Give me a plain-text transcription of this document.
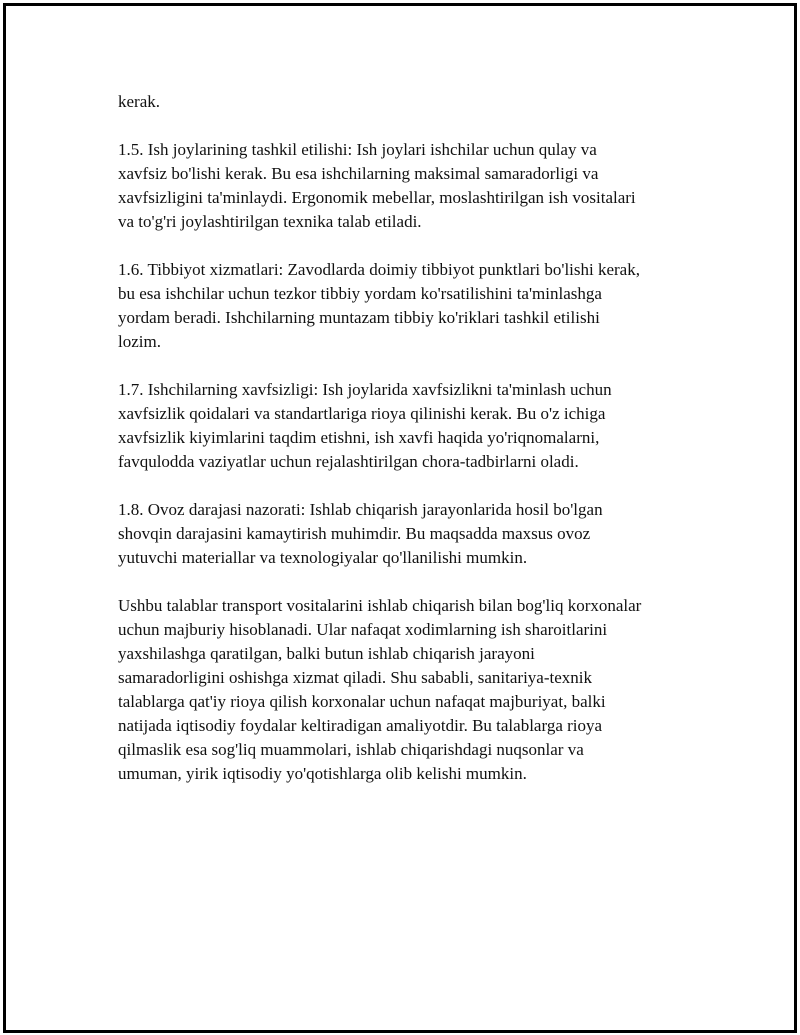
kerak.

1.5. Ish joylarining tashkil etilishi: Ish joylari ishchilar uchun qulay va
xavfsiz bo'lishi kerak. Bu esa ishchilarning maksimal samaradorligi va
xavfsizligini ta'minlaydi. Ergonomik mebellar, moslashtirilgan ish vositalari
va to'g'ri joylashtirilgan texnika talab etiladi.

1.6. Tibbiyot xizmatlari: Zavodlarda doimiy tibbiyot punktlari bo'lishi kerak,
bu esa ishchilar uchun tezkor tibbiy yordam ko'rsatilishini ta'minlashga
yordam beradi. Ishchilarning muntazam tibbiy ko'riklari tashkil etilishi
lozim.

1.7. Ishchilarning xavfsizligi: Ish joylarida xavfsizlikni ta'minlash uchun
xavfsizlik qoidalari va standartlariga rioya qilinishi kerak. Bu o'z ichiga
xavfsizlik kiyimlarini taqdim etishni, ish xavfi haqida yo'riqnomalarni,
favqulodda vaziyatlar uchun rejalashtirilgan chora-tadbirlarni oladi.

1.8. Ovoz darajasi nazorati: Ishlab chiqarish jarayonlarida hosil bo'lgan
shovqin darajasini kamaytirish muhimdir. Bu maqsadda maxsus ovoz
yutuvchi materiallar va texnologiyalar qo'llanilishi mumkin.

Ushbu talablar transport vositalarini ishlab chiqarish bilan bog'liq korxonalar
uchun majburiy hisoblanadi. Ular nafaqat xodimlarning ish sharoitlarini
yaxshilashga qaratilgan, balki butun ishlab chiqarish jarayoni
samaradorligini oshishga xizmat qiladi. Shu sababli, sanitariya-texnik
talablarga qat'iy rioya qilish korxonalar uchun nafaqat majburiyat, balki
natijada iqtisodiy foydalar keltiradigan amaliyotdir. Bu talablarga rioya
qilmaslik esa sog'liq muammolari, ishlab chiqarishdagi nuqsonlar va
umuman, yirik iqtisodiy yo'qotishlarga olib kelishi mumkin.
